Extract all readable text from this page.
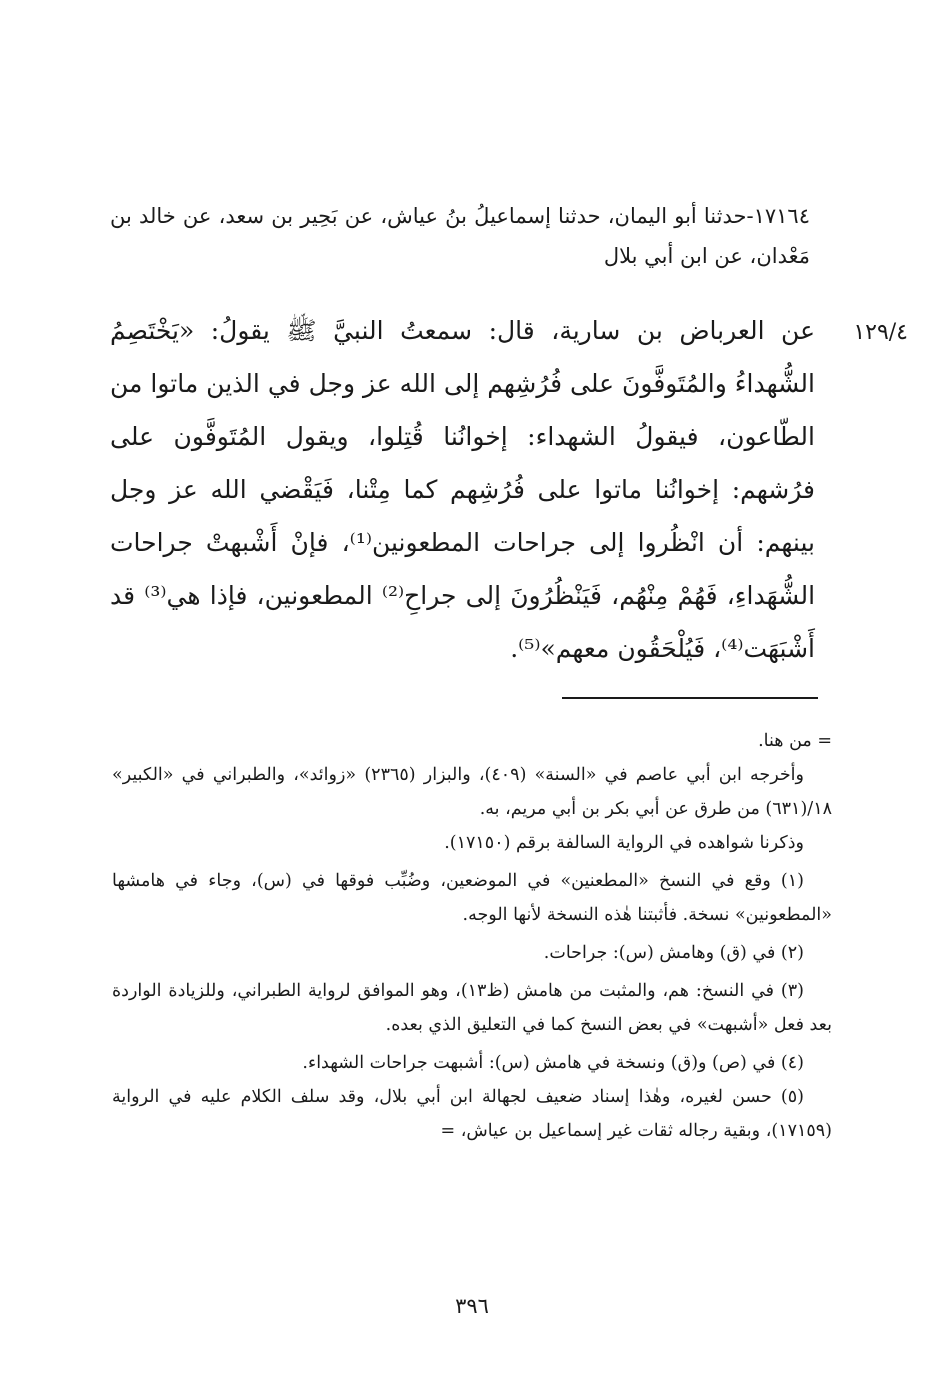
١٧١٦٤-حدثنا أبو اليمان، حدثنا إسماعيلُ بنُ عياش، عن بَحِير بن سعد، عن خالد بن مَعْدان، عن ابن أبي بلال

١٢٩/٤

عن العرباض بن سارية، قال: سمعتُ النبيَّ ﷺ يقولُ: «يَخْتَصِمُ الشُّهداءُ والمُتَوفَّونَ على فُرُشِهم إلى الله عز وجل في الذين ماتوا من الطّاعون، فيقولُ الشهداء: إخوانُنا قُتِلوا، ويقول المُتَوفَّون على فرُشهم: إخوانُنا ماتوا على فُرُشِهم كما مِتْنا، فَيَقْضي الله عز وجل بينهم: أن انْظُروا إلى جراحات المطعونين⁽¹⁾، فإنْ أَشْبهتْ جراحات الشُّهَداءِ، فَهُمْ مِنْهُم، فَيَنْظُرُونَ إلى جراحِ⁽²⁾ المطعونين، فإذا هي⁽³⁾ قد أَشْبَهَت⁽⁴⁾، فَيُلْحَقُون معهم»⁽⁵⁾.

= من هنا.

وأخرجه ابن أبي عاصم في «السنة» (٤٠٩)، والبزار (٢٣٦٥) «زوائد»، والطبراني في «الكبير» ١٨/(٦٣١) من طرق عن أبي بكر بن أبي مريم، به.

وذكرنا شواهده في الرواية السالفة برقم (١٧١٥٠).

(١) وقع في النسخ «المطعنين» في الموضعين، وضُبِّب فوقها في (س)، وجاء في هامشها «المطعونين» نسخة. فأثبتنا هٰذه النسخة لأنها الوجه.

(٢) في (ق) وهامش (س): جراحات.

(٣) في النسخ: هم، والمثبت من هامش (ظ١٣)، وهو الموافق لرواية الطبراني، وللزيادة الواردة بعد فعل «أشبهت» في بعض النسخ كما في التعليق الذي بعده.

(٤) في (ص) و(ق) ونسخة في هامش (س): أشبهت جراحات الشهداء.

(٥) حسن لغيره، وهٰذا إسناد ضعيف لجهالة ابن أبي بلال، وقد سلف الكلام عليه في الرواية (١٧١٥٩)، وبقية رجاله ثقات غير إسماعيل بن عياش، =

٣٩٦
